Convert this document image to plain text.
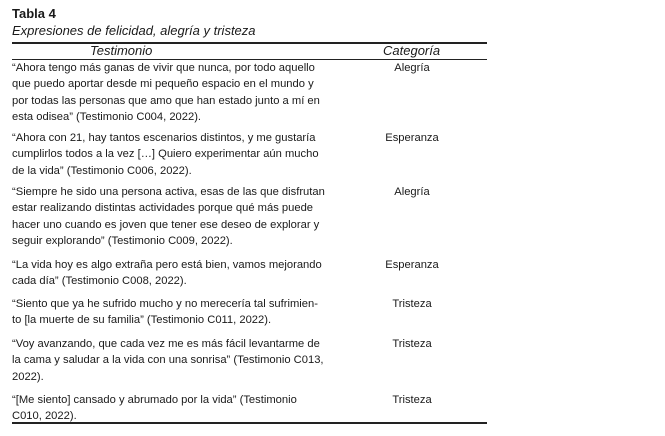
Tabla 4
Expresiones de felicidad, alegría y tristeza
Testimonio	Categoría

“Ahora tengo más ganas de vivir que nunca, por todo aquello
que puedo aportar desde mi pequeño espacio en el mundo y
por todas las personas que amo que han estado junto a mí en
esta odisea” (Testimonio C004, 2022).

Alegría

“Ahora con 21, hay tantos escenarios distintos, y me gustaría
cumplirlos todos a la vez […] Quiero experimentar aún mucho
de la vida” (Testimonio C006, 2022).

Esperanza

“Siempre he sido una persona activa, esas de las que disfrutan
estar realizando distintas actividades porque qué más puede
hacer uno cuando es joven que tener ese deseo de explorar y
seguir explorando” (Testimonio C009, 2022).

Alegría

“La vida hoy es algo extraña pero está bien, vamos mejorando
cada día” (Testimonio C008, 2022).

Esperanza

“Siento que ya he sufrido mucho y no merecería tal sufrimien-
to [la muerte de su familia” (Testimonio C011, 2022).

Tristeza

“Voy avanzando, que cada vez me es más fácil levantarme de
la cama y saludar a la vida con una sonrisa” (Testimonio C013,
2022).

Tristeza

“[Me siento] cansado y abrumado por la vida” (Testimonio
C010, 2022).

Tristeza
